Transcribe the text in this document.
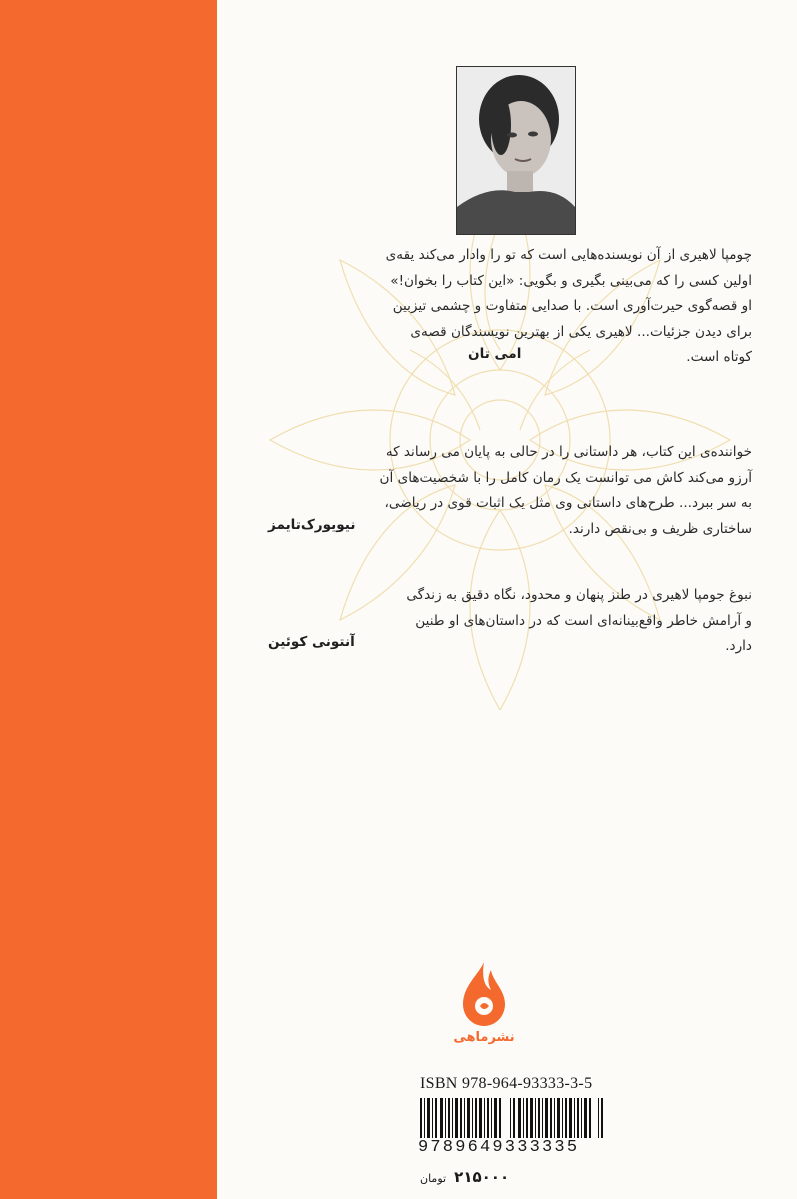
چومپا لاهیری از آن نویسنده‌هایی است که تو را وادار می‌کند یقه‌ی
اولین کسی را که می‌بینی بگیری و بگویی: «این کتاب را بخوان!»
او قصه‌گوی حیرت‌آوری است. با صدایی متفاوت و چشمی تیزبین
برای دیدن جزئیات... لاهیری یکی از بهترین نویسندگان قصه‌ی
کوتاه است.
امی تان
خواننده‌ی این کتاب، هر داستانی را در حالی به پایان می رساند که
آرزو می‌کند کاش می توانست یک رمان کامل را با شخصیت‌های آن
به سر ببرد... طرح‌های داستانی وی مثل یک اثبات قوی در ریاضی،
ساختاری ظریف و بی‌نقص دارند.
نیویورک‌تایمز
نبوغ جومپا لاهیری در طنز پنهان و محدود، نگاه دقیق به زندگی
و آرامش خاطر واقع‌بینانه‌ای است که در داستان‌های او طنین
دارد.
آنتونی کوئین
نشرماهی
ISBN 978-964-93333-3-5
9789649333335
۲۱۵۰۰۰ تومان
